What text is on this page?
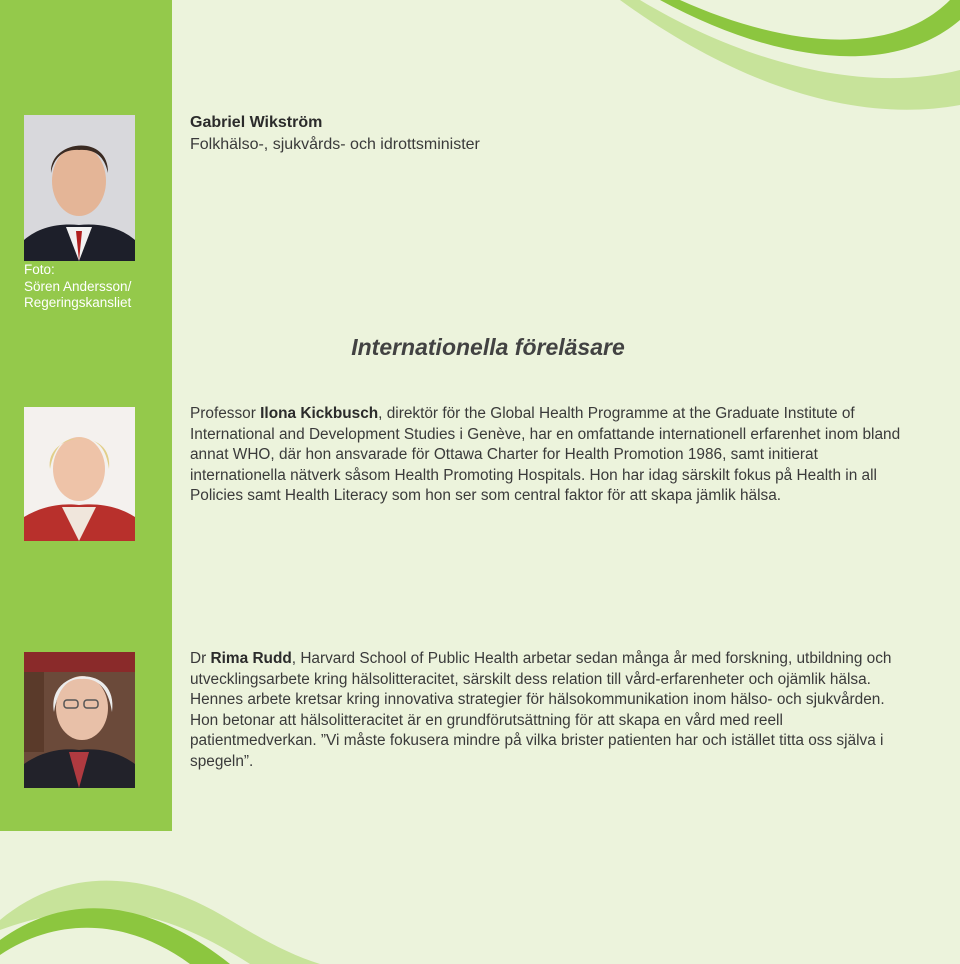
Foto:
Sören Andersson/
Regeringskansliet
Gabriel Wikström
Folkhälso-, sjukvårds- och idrottsminister
Internationella föreläsare
Professor Ilona Kickbusch, direktör för the Global Health Programme at the Graduate Institute of International and Development Studies i Genève, har en omfattande internationell erfarenhet inom bland annat WHO, där hon ansvarade för Ottawa Charter for Health Promotion 1986, samt initierat internationella nätverk såsom Health Promoting Hospitals. Hon har idag särskilt fokus på Health in all Policies samt Health Literacy som hon ser som central faktor för att skapa jämlik hälsa.
Dr Rima Rudd, Harvard School of Public Health arbetar sedan många år med forskning, utbildning och utvecklingsarbete kring hälsolitteracitet, särskilt dess relation till vård-erfarenheter och ojämlik hälsa. Hennes arbete kretsar kring innovativa strategier för hälsokommunikation inom hälso- och sjukvården. Hon betonar att hälsolitteracitet är en grundförutsättning för att skapa en vård med reell patientmedverkan. ”Vi måste fokusera mindre på vilka brister patienten har och istället titta oss själva i spegeln”.
